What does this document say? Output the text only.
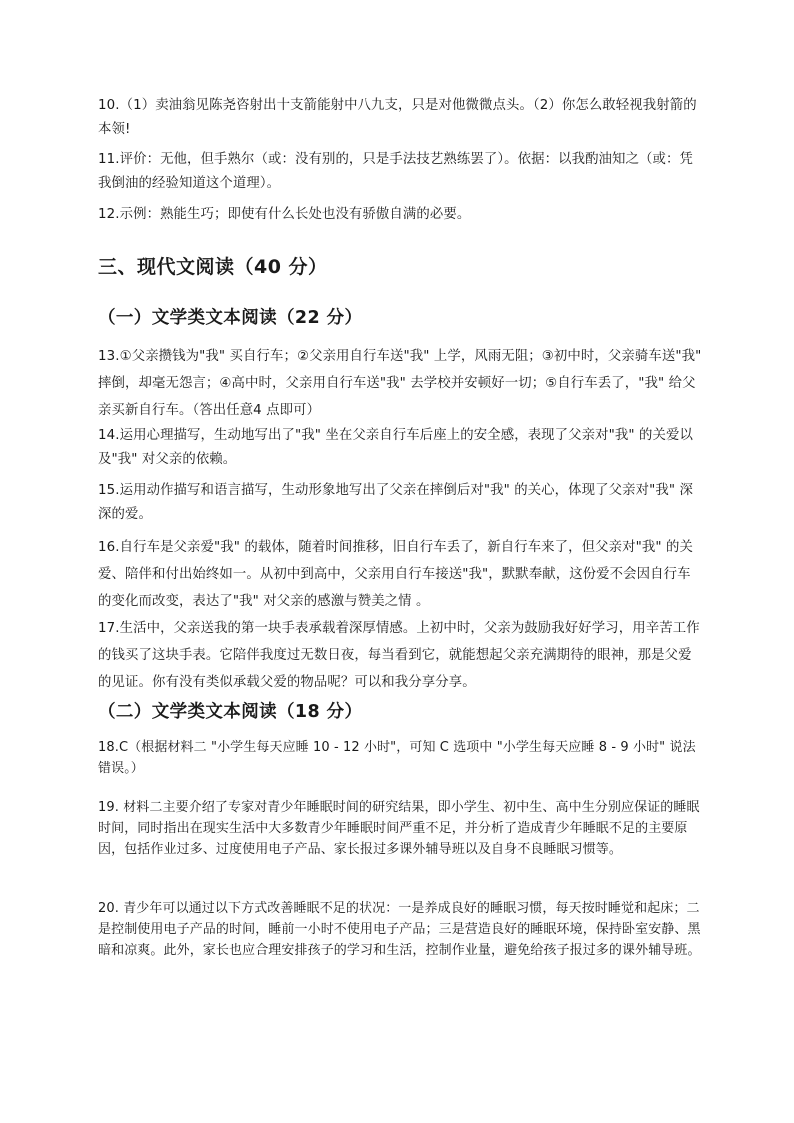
10.（1）卖油翁见陈尧咨射出十支箭能射中八九支，只是对他微微点头。（2）你怎么敢轻视我射箭的本领!

11.评价：无他，但手熟尔（或：没有别的，只是手法技艺熟练罢了）。依据：以我酌油知之（或：凭我倒油的经验知道这个道理）。

12.示例：熟能生巧；即使有什么长处也没有骄傲自满的必要。

三、现代文阅读（40 分）
（一）文学类文本阅读（22 分）

13.①父亲攒钱为"我" 买自行车；②父亲用自行车送"我" 上学，风雨无阻；③初中时，父亲骑车送"我" 摔倒，却毫无怨言；④高中时，父亲用自行车送"我" 去学校并安顿好一切；⑤自行车丢了，"我" 给父亲买新自行车。（答出任意4 点即可）

14.运用心理描写，生动地写出了"我" 坐在父亲自行车后座上的安全感，表现了父亲对"我" 的关爱以及"我" 对父亲的依赖。

15.运用动作描写和语言描写，生动形象地写出了父亲在摔倒后对"我" 的关心，体现了父亲对"我" 深深的爱。

16.自行车是父亲爱"我" 的载体，随着时间推移，旧自行车丢了，新自行车来了，但父亲对"我" 的关爱、陪伴和付出始终如一。从初中到高中，父亲用自行车接送"我"，默默奉献，这份爱不会因自行车的变化而改变，表达了"我" 对父亲的感激与赞美之情 。

17.生活中，父亲送我的第一块手表承载着深厚情感。上初中时，父亲为鼓励我好好学习，用辛苦工作的钱买了这块手表。它陪伴我度过无数日夜，每当看到它，就能想起父亲充满期待的眼神，那是父爱的见证。你有没有类似承载父爱的物品呢？可以和我分享分享。

（二）文学类文本阅读（18 分）

18.C（根据材料二 "小学生每天应睡 10 - 12 小时"，可知 C 选项中 "小学生每天应睡 8 - 9 小时" 说法错误。）

19. 材料二主要介绍了专家对青少年睡眠时间的研究结果，即小学生、初中生、高中生分别应保证的睡眠时间，同时指出在现实生活中大多数青少年睡眠时间严重不足，并分析了造成青少年睡眠不足的主要原因，包括作业过多、过度使用电子产品、家长报过多课外辅导班以及自身不良睡眠习惯等。

20. 青少年可以通过以下方式改善睡眠不足的状况：一是养成良好的睡眠习惯，每天按时睡觉和起床；二是控制使用电子产品的时间，睡前一小时不使用电子产品；三是营造良好的睡眠环境，保持卧室安静、黑暗和凉爽。此外，家长也应合理安排孩子的学习和生活，控制作业量，避免给孩子报过多的课外辅导班。
